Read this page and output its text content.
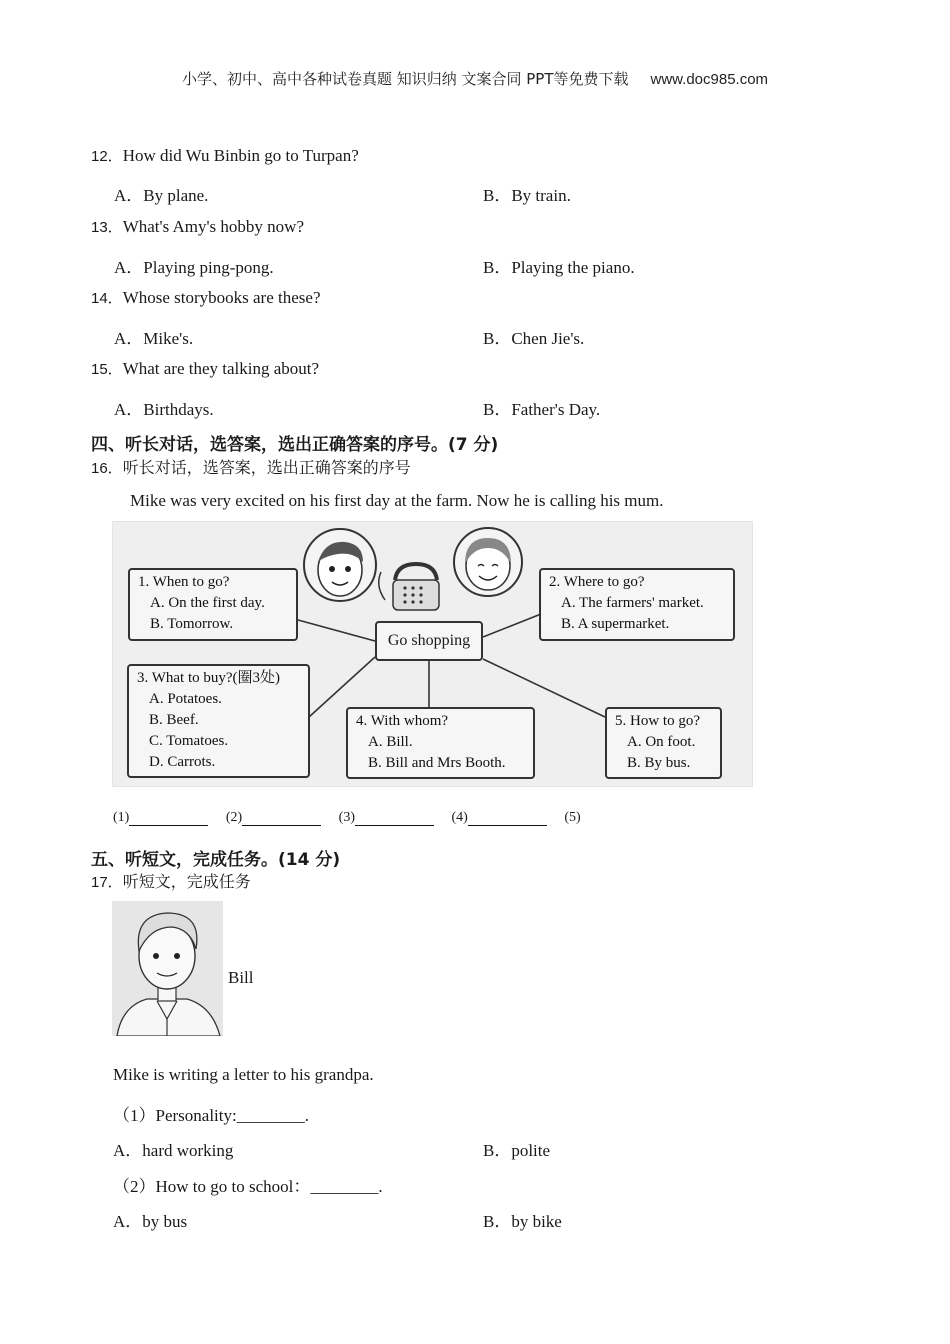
小学、初中、高中各种试卷真题 知识归纳 文案合同 PPT等免费下载 www.doc985.com
12．How did Wu Binbin go to Turpan?
A．By plane.	B．By train.
13．What's Amy's hobby now?
A．Playing ping-pong.	B．Playing the piano.
14．Whose storybooks are these?
A．Mike's.	B．Chen Jie's.
15．What are they talking about?
A．Birthdays.	B．Father's Day.
四、听长对话，选答案，选出正确答案的序号。(7 分)
16．听长对话，选答案，选出正确答案的序号
Mike was very excited on his first day at the farm. Now he is calling his mum.
Go shopping
1. When to go?
A. On the first day.
B. Tomorrow.
2. Where to go?
A. The farmers' market.
B. A supermarket.
3. What to buy?(圈3处)
A. Potatoes.
B. Beef.
C. Tomatoes.
D. Carrots.
4. With whom?
A. Bill.
B. Bill and Mrs Booth.
5. How to go?
A. On foot.
B. By bus.
(1)	(2)	(3)	(4)	(5)
五、听短文，完成任务。(14 分)
17．听短文，完成任务
Bill
Mike is writing a letter to his grandpa.
（1）Personality:________.
A．hard working	B．polite
（2）How to go to school：________.
A．by bus	B．by bike
